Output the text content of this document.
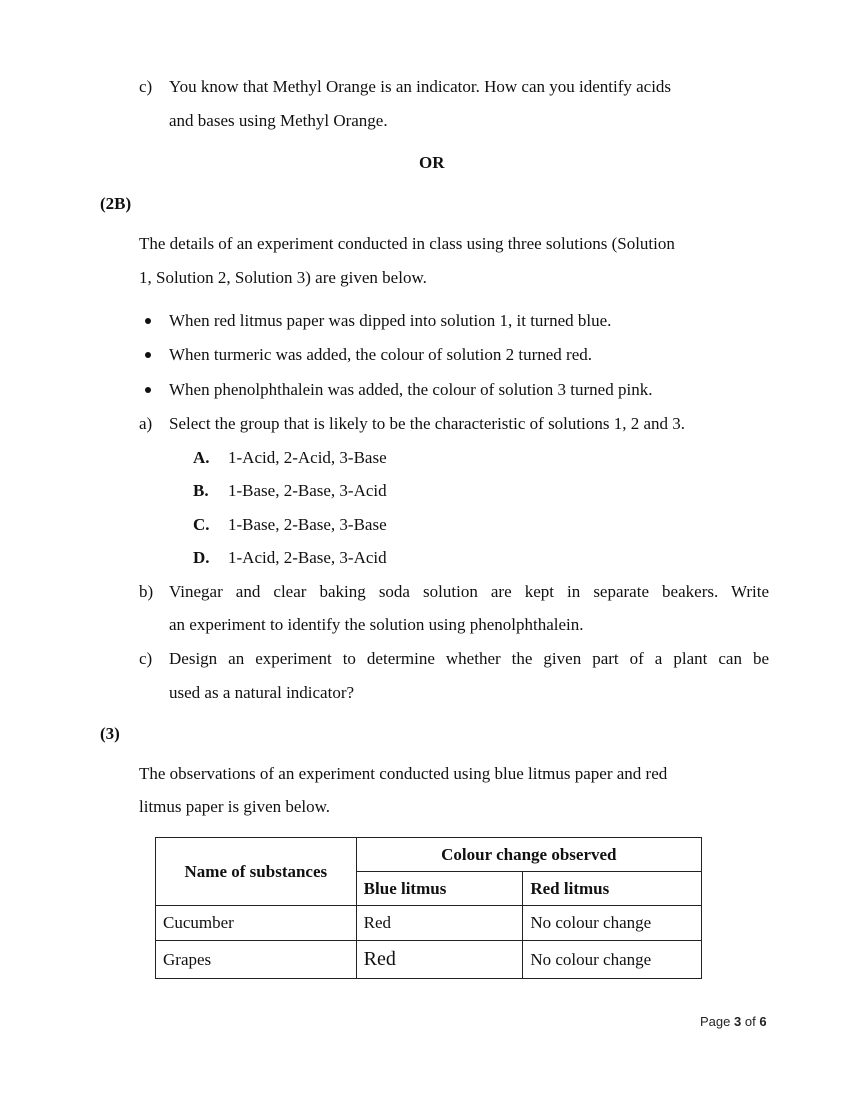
c) You know that Methyl Orange is an indicator. How can you identify acids
and bases using Methyl Orange.
OR
(2B)
The details of an experiment conducted in class using three solutions (Solution
1, Solution 2, Solution 3) are given below.
When red litmus paper was dipped into solution 1, it turned blue.
When turmeric was added, the colour of solution 2 turned red.
When phenolphthalein was added, the colour of solution 3 turned pink.
a) Select the group that is likely to be the characteristic of solutions 1, 2 and 3.
A. 1-Acid, 2-Acid, 3-Base
B. 1-Base, 2-Base, 3-Acid
C. 1-Base, 2-Base, 3-Base
D. 1-Acid, 2-Base, 3-Acid
b) Vinegar and clear baking soda solution are kept in separate beakers. Write
an experiment to identify the solution using phenolphthalein.
c) Design an experiment to determine whether the given part of a plant can be
used as a natural indicator?
(3)
The observations of an experiment conducted using blue litmus paper and red
litmus paper is given below.
Name of substances	Colour change observed	
	Blue litmus	Red litmus
Cucumber	Red	No colour change
Grapes	Red	No colour change
Page 3 of 6
